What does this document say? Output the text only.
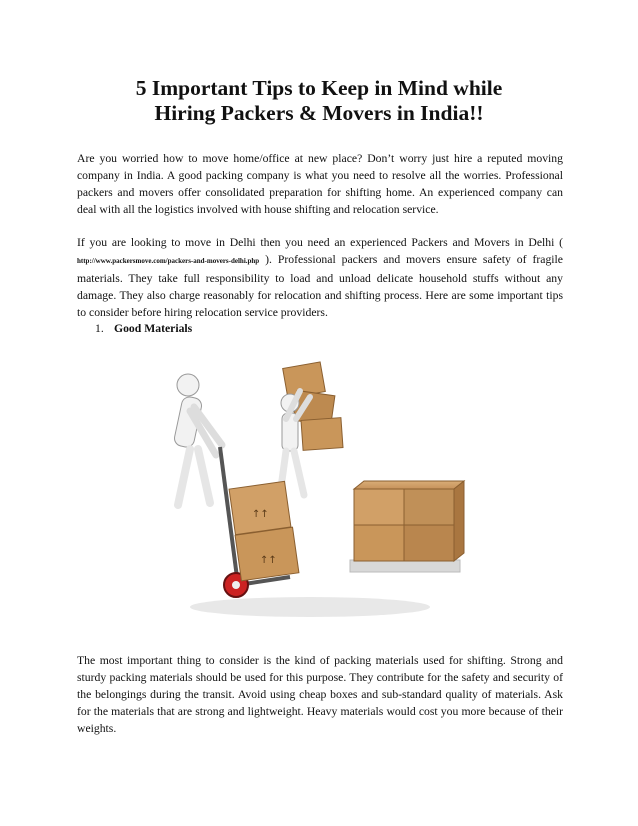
5 Important Tips to Keep in Mind while
Hiring Packers & Movers in India!!

Are you worried how to move home/office at new place? Don’t worry just hire a reputed moving company in India. A good packing company is what you need to resolve all the worries. Professional packers and movers offer consolidated preparation for shifting home. An experienced company can deal with all the logistics involved with house shifting and relocation service.

If you are looking to move in Delhi then you need an experienced Packers and Movers in Delhi ( http://www.packersmove.com/packers-and-movers-delhi.php ). Professional packers and movers ensure safety of fragile materials. They take full responsibility to load and unload delicate household stuffs without any damage. They also charge reasonably for relocation and shifting process. Here are some important tips to consider before hiring relocation service providers.

1. Good Materials
↑↑
↑↑

The most important thing to consider is the kind of packing materials used for shifting. Strong and sturdy packing materials should be used for this purpose. They contribute for the safety and security of the belongings during the transit. Avoid using cheap boxes and sub-standard quality of materials. Ask for the materials that are strong and lightweight. Heavy materials would cost you more because of their weights.
